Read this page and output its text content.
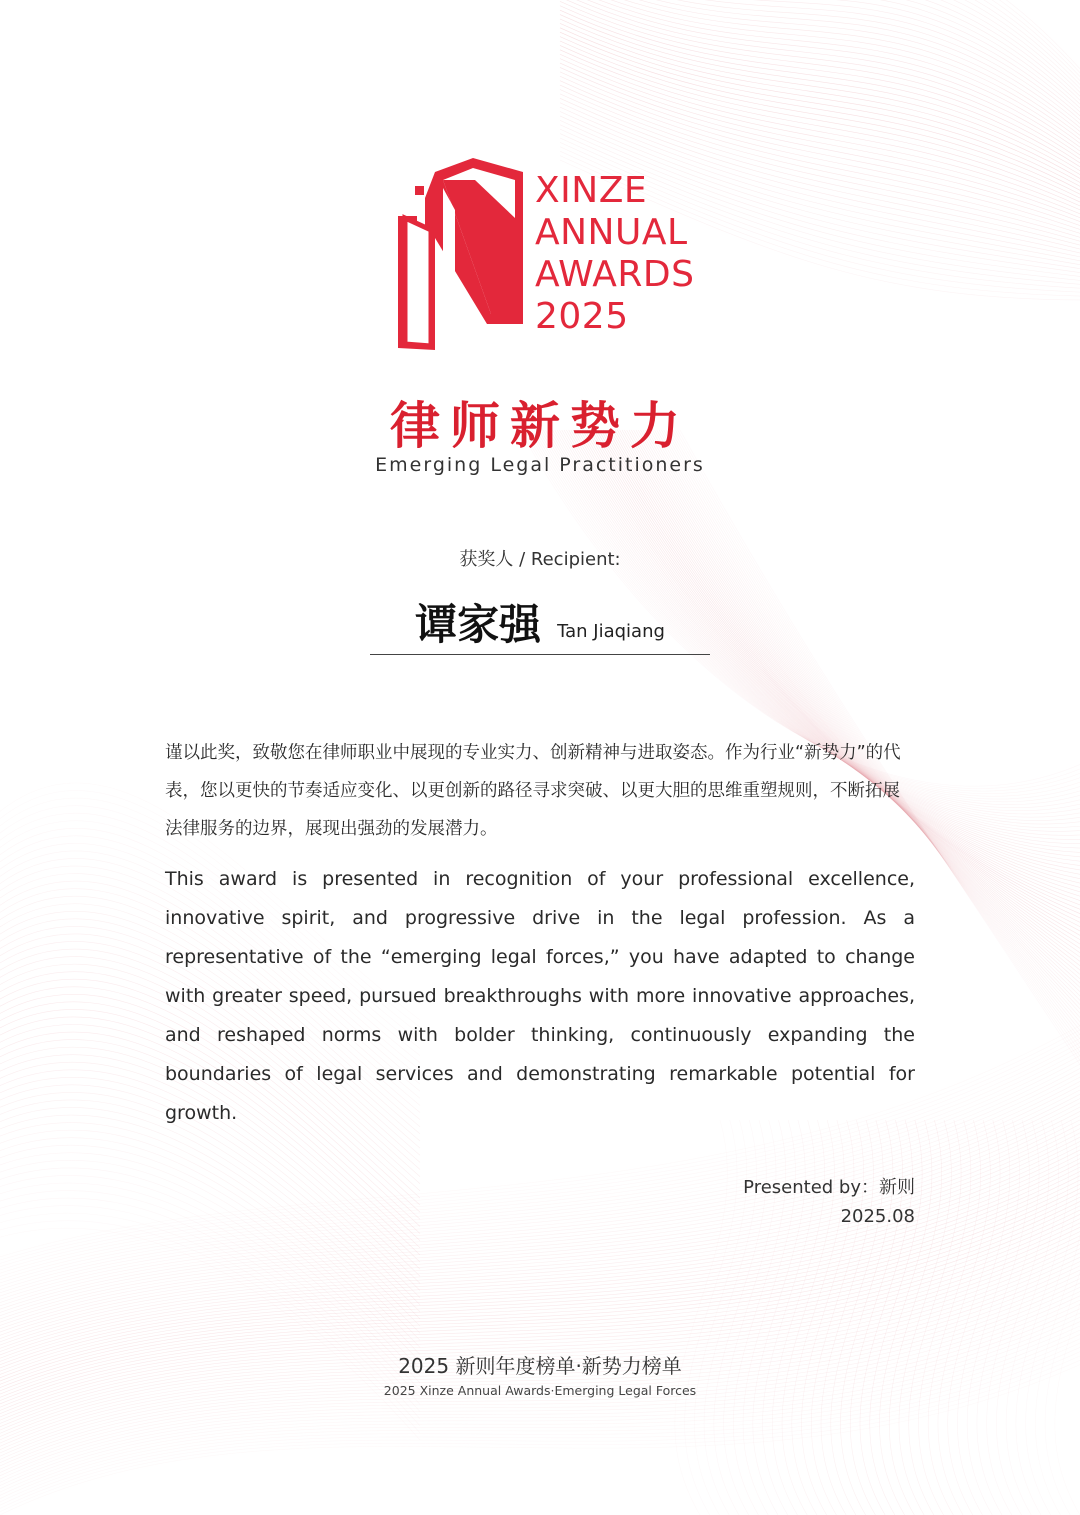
XINZE
ANNUAL
AWARDS
2025
律师新势力
Emerging Legal Practitioners
获奖人 / Recipient:
谭家强 Tan Jiaqiang

谨以此奖，致敬您在律师职业中展现的专业实力、创新精神与进取姿态。作为行业“新势力”的代表，您以更快的节奏适应变化、以更创新的路径寻求突破、以更大胆的思维重塑规则，不断拓展法律服务的边界，展现出强劲的发展潜力。

This award is presented in recognition of your professional excellence, innovative spirit, and progressive drive in the legal profession. As a representative of the “emerging legal forces,” you have adapted to change with greater speed, pursued breakthroughs with more innovative approaches, and reshaped norms with bolder thinking, continuously expanding the boundaries of legal services and demonstrating remarkable potential for growth.

Presented by：新则
2025.08
2025 新则年度榜单·新势力榜单
2025 Xinze Annual Awards·Emerging Legal Forces
